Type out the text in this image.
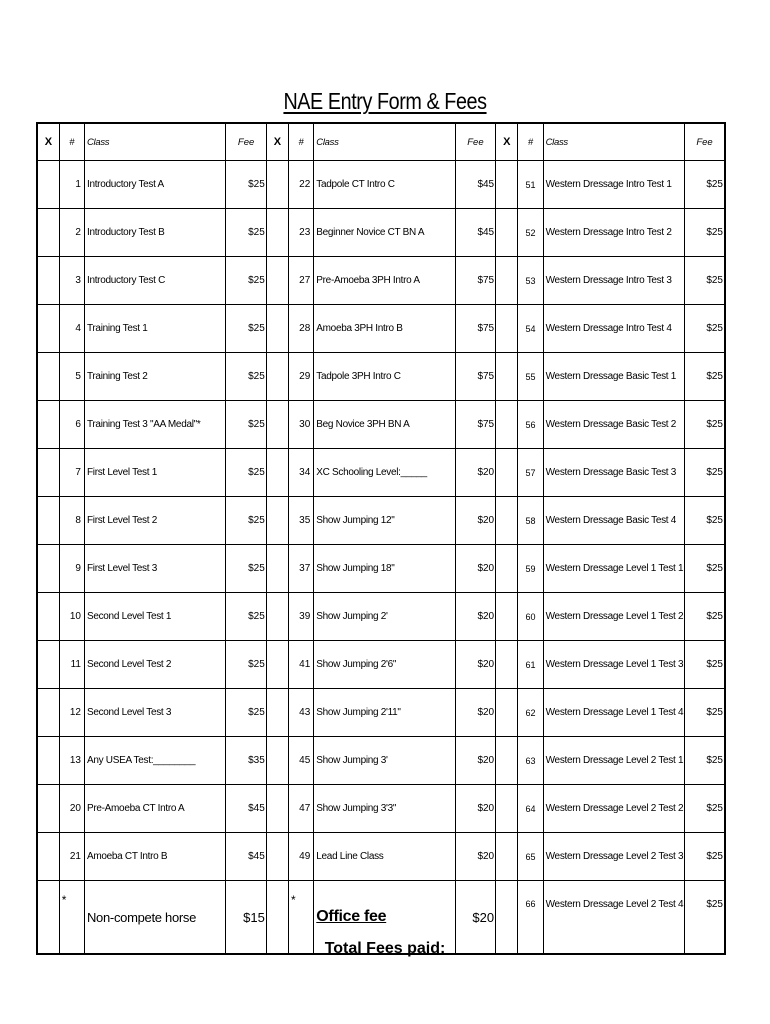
NAE Entry Form & Fees
X	#	Class	Fee	X	#	Class	Fee	X	#	Class	Fee
	1	Introductory Test A	$25		22	Tadpole CT Intro C	$45		51	Western Dressage Intro Test 1	$25
	2	Introductory Test B	$25		23	Beginner Novice CT BN A	$45		52	Western Dressage Intro Test 2	$25
	3	Introductory Test C	$25		27	Pre-Amoeba 3PH Intro A	$75		53	Western Dressage Intro Test 3	$25
	4	Training Test 1	$25		28	Amoeba 3PH Intro B	$75		54	Western Dressage Intro Test 4	$25
	5	Training Test 2	$25		29	Tadpole 3PH Intro C	$75		55	Western Dressage Basic Test 1	$25
	6	Training Test 3 "AA Medal"*	$25		30	Beg Novice 3PH BN A	$75		56	Western Dressage Basic Test 2	$25
	7	First Level Test 1	$25		34	XC Schooling Level:_____	$20		57	Western Dressage Basic Test 3	$25
	8	First Level Test 2	$25		35	Show Jumping 12"	$20		58	Western Dressage Basic Test 4	$25
	9	First Level Test 3	$25		37	Show Jumping 18"	$20		59	Western Dressage Level 1 Test 1	$25
	10	Second Level Test 1	$25		39	Show Jumping 2'	$20		60	Western Dressage Level 1 Test 2	$25
	11	Second Level Test 2	$25		41	Show Jumping 2'6"	$20		61	Western Dressage Level 1 Test 3	$25
	12	Second Level Test 3	$25		43	Show Jumping 2'11"	$20		62	Western Dressage Level 1 Test 4	$25
	13	Any USEA Test:________	$35		45	Show Jumping 3'	$20		63	Western Dressage Level 2 Test 1	$25
	20	Pre-Amoeba CT Intro A	$45		47	Show Jumping 3'3"	$20		64	Western Dressage Level 2 Test 2	$25
	21	Amoeba CT Intro B	$45		49	Lead Line Class	$20		65	Western Dressage Level 2 Test 3	$25
	*	Non-compete horse	$15		*	Office fee	$20		66	Western Dressage Level 2 Test 4	$25
Total Fees paid:
